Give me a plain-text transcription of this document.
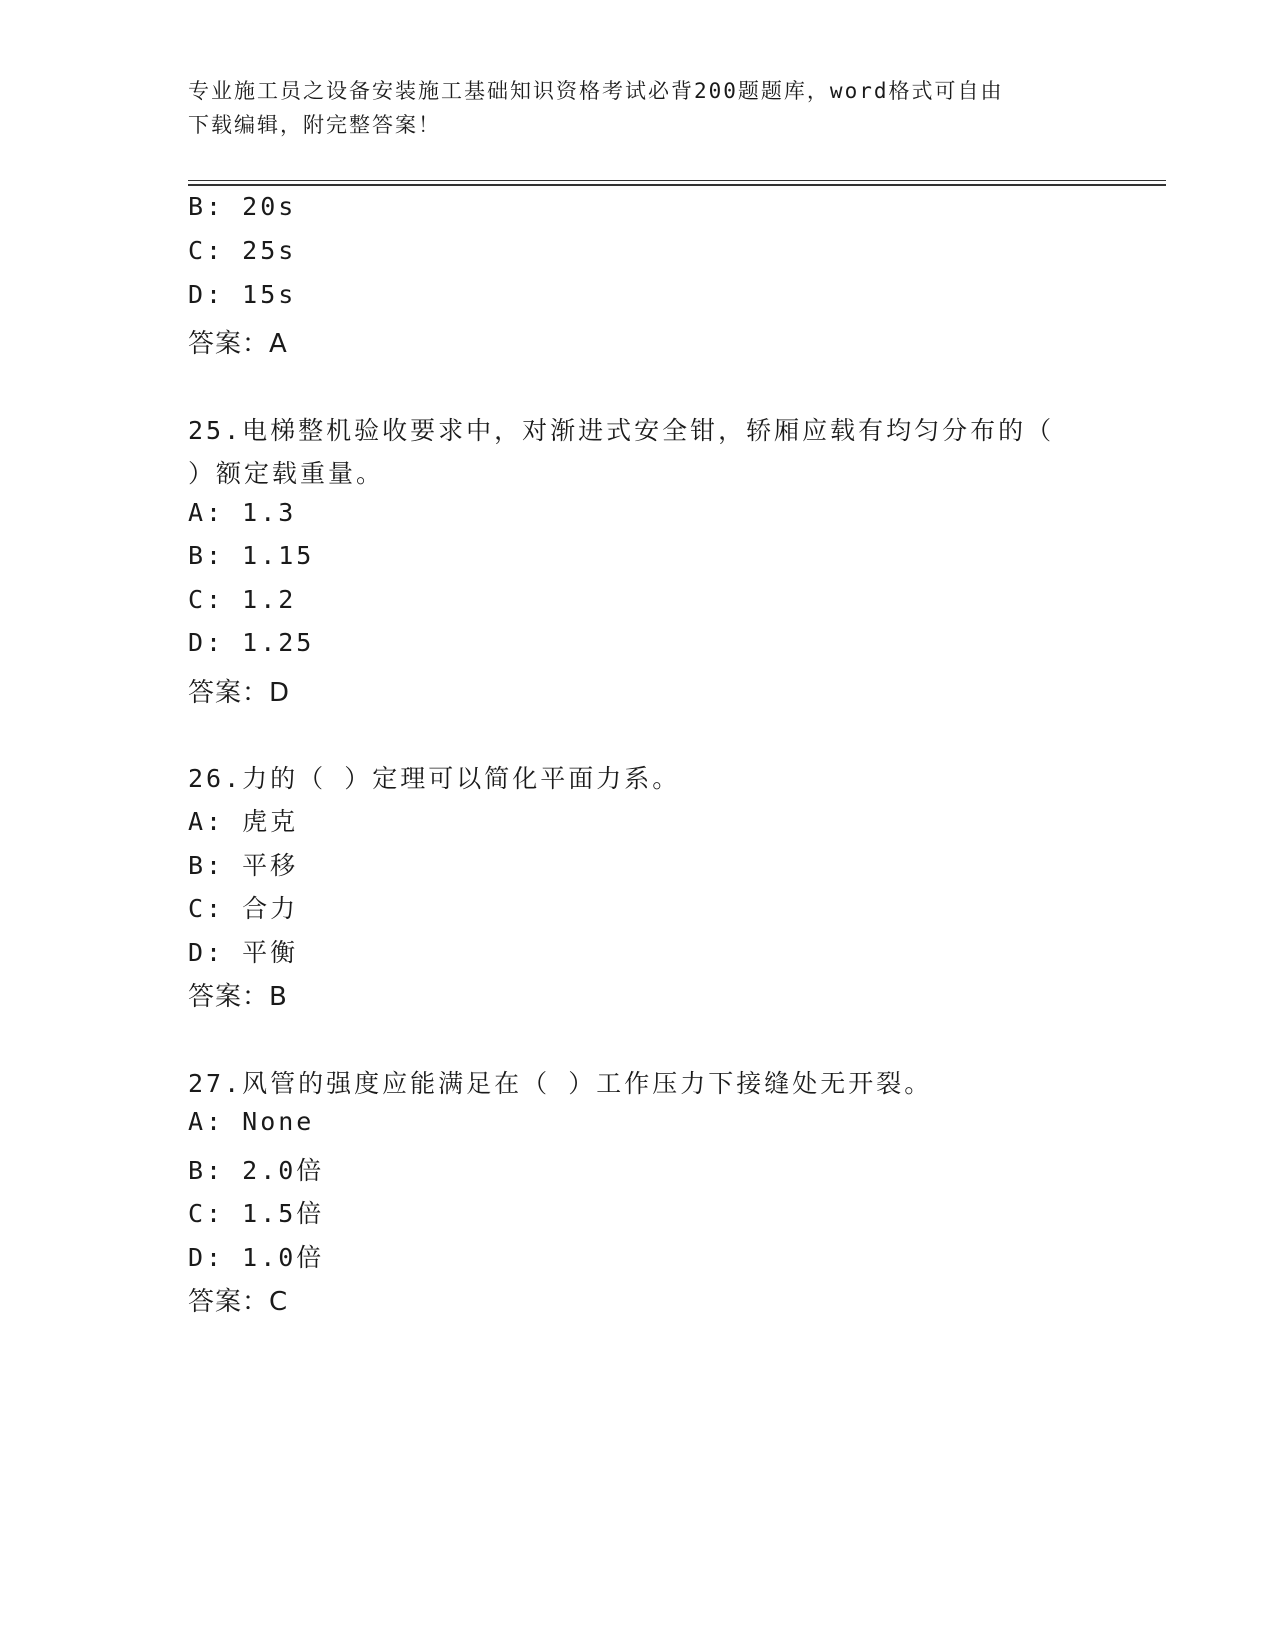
专业施工员之设备安装施工基础知识资格考试必背200题题库，word格式可自由
下载编辑，附完整答案！
B: 20s
C: 25s
D: 15s
答案：A
25.电梯整机验收要求中，对渐进式安全钳，轿厢应载有均匀分布的（
）额定载重量。
A: 1.3
B: 1.15
C: 1.2
D: 1.25
答案：D
26.力的（ ）定理可以简化平面力系。
A: 虎克
B: 平移
C: 合力
D: 平衡
答案：B
27.风管的强度应能满足在（ ）工作压力下接缝处无开裂。
A: None
B: 2.0倍
C: 1.5倍
D: 1.0倍
答案：C
